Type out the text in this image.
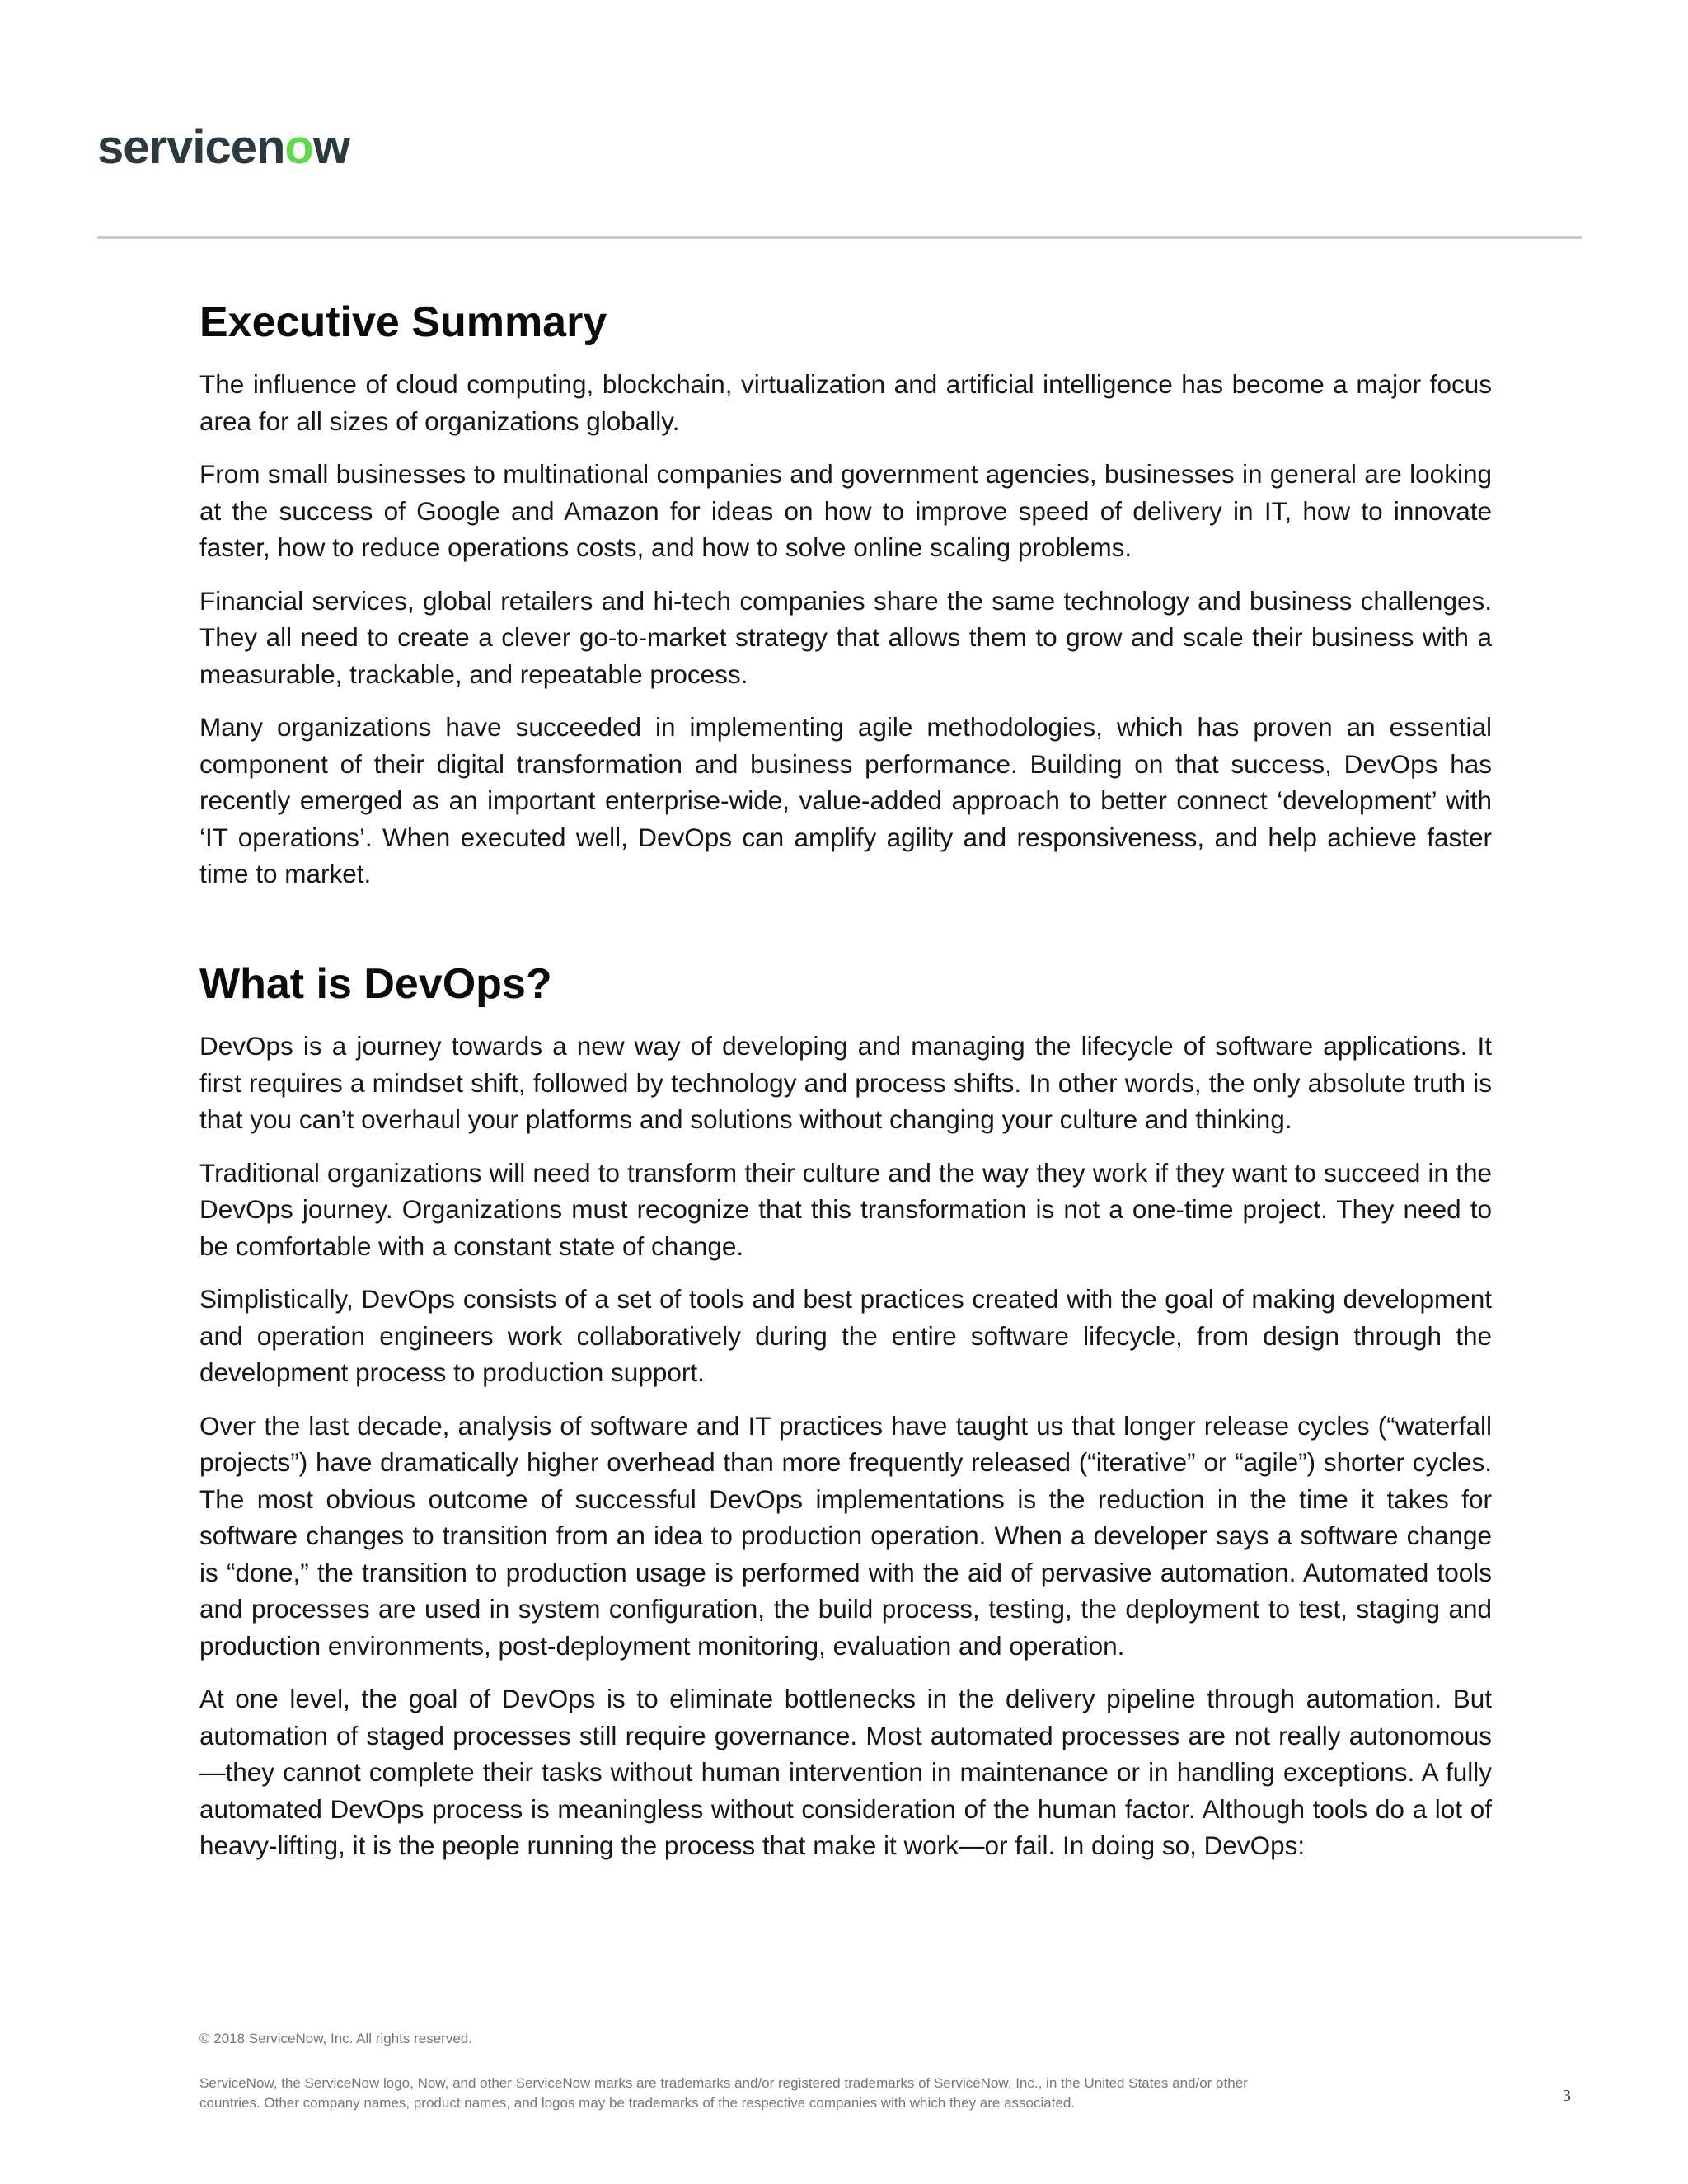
servicenow
Executive Summary

The influence of cloud computing, blockchain, virtualization and artificial intelligence has become a major focus area for all sizes of organizations globally.

From small businesses to multinational companies and government agencies, businesses in general are looking at the success of Google and Amazon for ideas on how to improve speed of delivery in IT, how to innovate faster, how to reduce operations costs, and how to solve online scaling problems.

Financial services, global retailers and hi-tech companies share the same technology and business challenges. They all need to create a clever go-to-market strategy that allows them to grow and scale their business with a measurable, trackable, and repeatable process.

Many organizations have succeeded in implementing agile methodologies, which has proven an essential component of their digital transformation and business performance. Building on that success, DevOps has recently emerged as an important enterprise-wide, value-added approach to better connect ‘development’ with ‘IT operations’. When executed well, DevOps can amplify agility and responsiveness, and help achieve faster time to market.

What is DevOps?

DevOps is a journey towards a new way of developing and managing the lifecycle of software applications. It first requires a mindset shift, followed by technology and process shifts. In other words, the only absolute truth is that you can’t overhaul your platforms and solutions without changing your culture and thinking.

Traditional organizations will need to transform their culture and the way they work if they want to succeed in the DevOps journey. Organizations must recognize that this transformation is not a one-time project. They need to be comfortable with a constant state of change.

Simplistically, DevOps consists of a set of tools and best practices created with the goal of making development and operation engineers work collaboratively during the entire software lifecycle, from design through the development process to production support.

Over the last decade, analysis of software and IT practices have taught us that longer release cycles (“waterfall projects”) have dramatically higher overhead than more frequently released (“iterative” or “agile”) shorter cycles. The most obvious outcome of successful DevOps implementations is the reduction in the time it takes for software changes to transition from an idea to production operation. When a developer says a software change is “done,” the transition to production usage is performed with the aid of pervasive automation. Automated tools and processes are used in system configuration, the build process, testing, the deployment to test, staging and production environments, post-deployment monitoring, evaluation and operation.

At one level, the goal of DevOps is to eliminate bottlenecks in the delivery pipeline through automation. But automation of staged processes still require governance. Most automated processes are not really autonomous—they cannot complete their tasks without human intervention in maintenance or in handling exceptions. A fully automated DevOps process is meaningless without consideration of the human factor. Although tools do a lot of heavy-lifting, it is the people running the process that make it work—or fail. In doing so, DevOps:

© 2018 ServiceNow, Inc. All rights reserved.
ServiceNow, the ServiceNow logo, Now, and other ServiceNow marks are trademarks and/or registered trademarks of ServiceNow, Inc., in the United States and/or other
countries. Other company names, product names, and logos may be trademarks of the respective companies with which they are associated.	3
